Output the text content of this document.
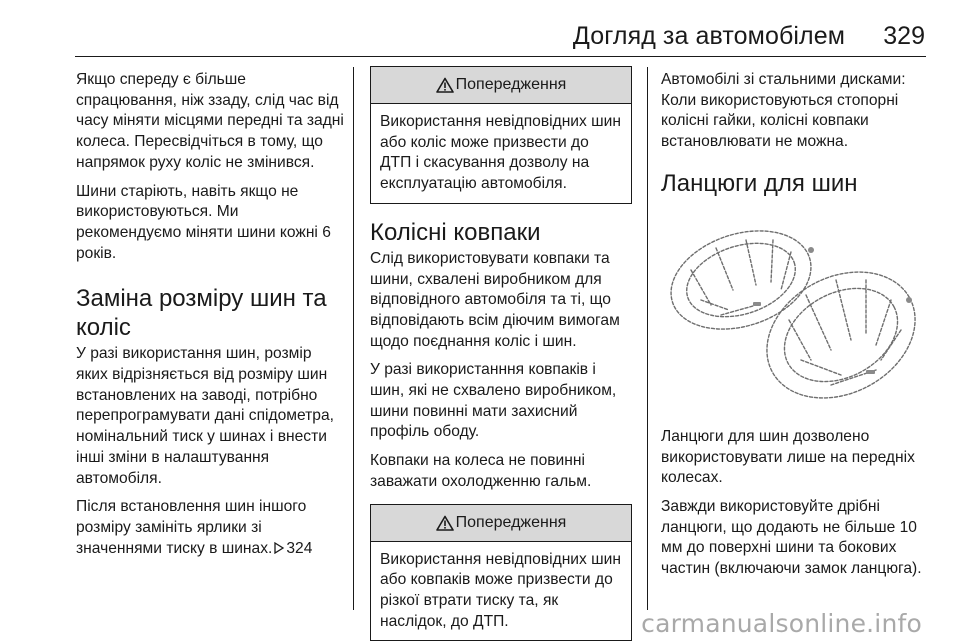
Догляд за автомобілем 329

Якщо спереду є більше спрацювання, ніж ззаду, слід час від часу міняти місцями передні та задні колеса. Пересвідчіться в тому, що напрямок руху коліс не змінився.

Шини старіють, навіть якщо не використовуються. Ми рекомендуємо міняти шини кожні 6 років.

Заміна розміру шин та коліс

У разі використання шин, розмір яких відрізняється від розміру шин встановлених на заводі, потрібно перепрограмувати дані спідометра, номінальний тиск у шинах і внести інші зміни в налаштування автомобіля.

Після встановлення шин іншого розміру замініть ярлики зі значеннями тиску в шинах. 324

Попередження
Використання невідповідних шин або коліс може призвести до ДТП і скасування дозволу на експлуатацію автомобіля.
Колісні ковпаки

Слід використовувати ковпаки та шини, схвалені виробником для відповідного автомобіля та ті, що відповідають всім діючим вимогам щодо поєднання коліс і шин.

У разі використанння ковпаків і шин, які не схвалено виробником, шини повинні мати захисний профіль ободу.

Ковпаки на колеса не повинні заважати охолодженню гальм.

Попередження
Використання невідповідних шин або ковпаків може призвести до різкої втрати тиску та, як наслідок, до ДТП.

Автомобілі зі стальними дисками: Коли використовуються стопорні колісні гайки, колісні ковпаки встановлювати не можна.

Ланцюги для шин

Ланцюги для шин дозволено використовувати лише на передніх колесах.

Завжди використовуйте дрібні ланцюги, що додають не більше 10 мм до поверхні шини та бокових частин (включаючи замок ланцюга).

carmanualsonline.info
